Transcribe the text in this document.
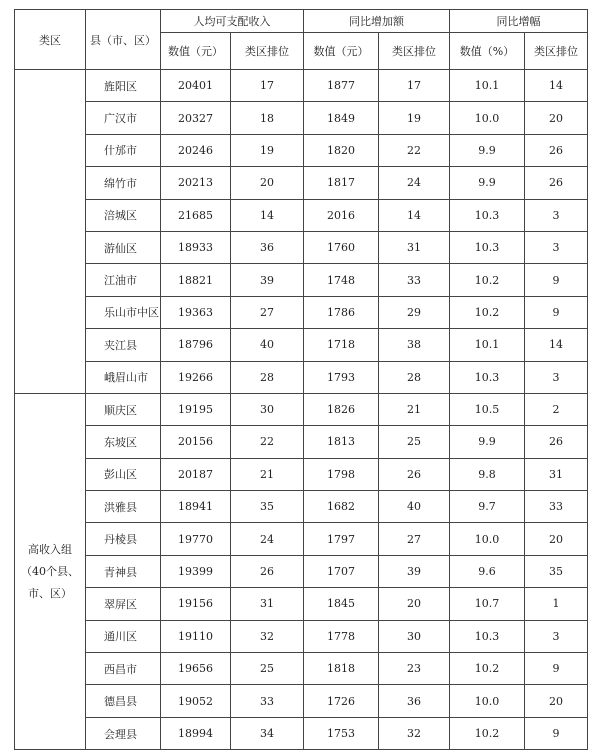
类区	县（市、区）	人均可支配收入		同比增加额		同比增幅	
		数值（元）	类区排位	数值（元）	类区排位	数值（%）	类区排位
	旌阳区	20401	17	1877	17	10.1	14
	广汉市	20327	18	1849	19	10.0	20
	什邡市	20246	19	1820	22	9.9	26
	绵竹市	20213	20	1817	24	9.9	26
	涪城区	21685	14	2016	14	10.3	3
	游仙区	18933	36	1760	31	10.3	3
	江油市	18821	39	1748	33	10.2	9
	乐山市中区	19363	27	1786	29	10.2	9
	夹江县	18796	40	1718	38	10.1	14
	峨眉山市	19266	28	1793	28	10.3	3
高收入组（40个县、市、区）	顺庆区	19195	30	1826	21	10.5	2
	东坡区	20156	22	1813	25	9.9	26
	彭山区	20187	21	1798	26	9.8	31
	洪雅县	18941	35	1682	40	9.7	33
	丹棱县	19770	24	1797	27	10.0	20
	青神县	19399	26	1707	39	9.6	35
	翠屏区	19156	31	1845	20	10.7	1
	通川区	19110	32	1778	30	10.3	3
	西昌市	19656	25	1818	23	10.2	9
	德昌县	19052	33	1726	36	10.0	20
	会理县	18994	34	1753	32	10.2	9
